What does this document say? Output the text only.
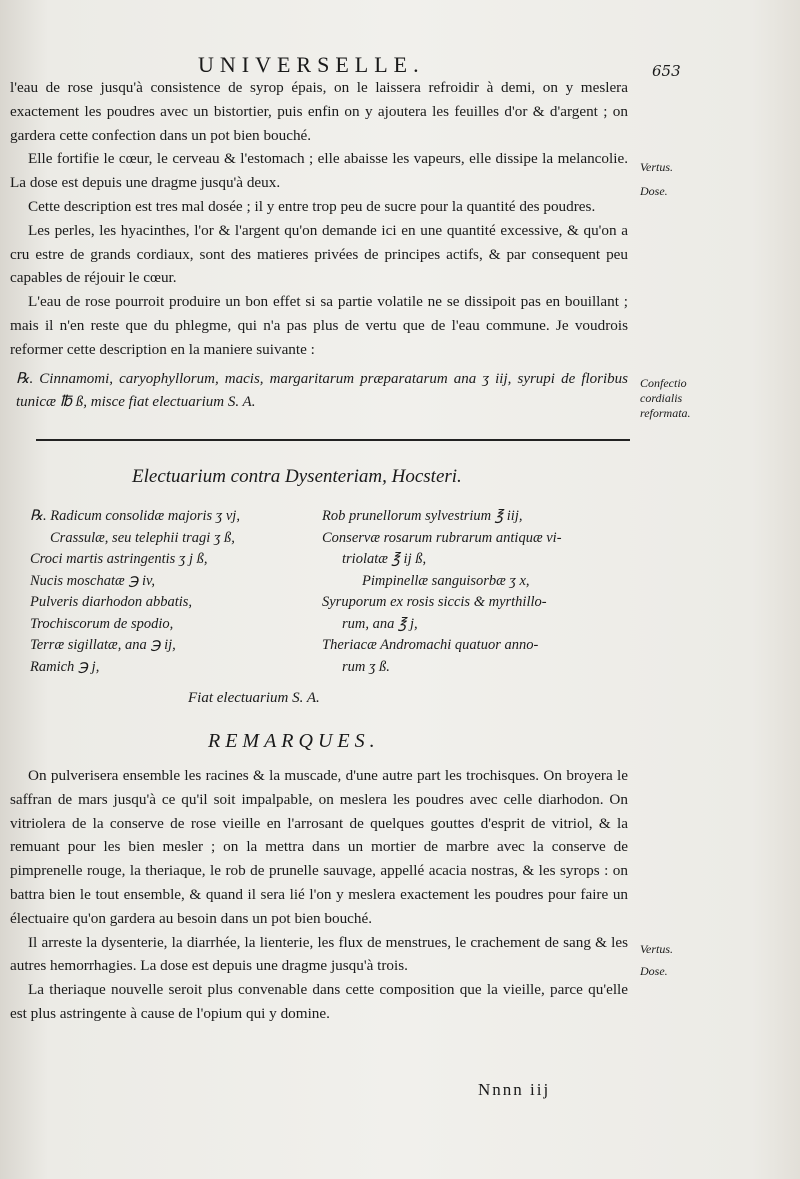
UNIVERSELLE.	653
l'eau de rose jusqu'à consistence de syrop épais, on le laissera refroidir à demi, on y meslera exactement les poudres avec un bistortier, puis enfin on y ajoutera les feuilles d'or & d'argent ; on gardera cette confection dans un pot bien bouché.
Elle fortifie le cœur, le cerveau & l'estomach ; elle abaisse les vapeurs, elle dissipe la melancolie. La dose est depuis une dragme jusqu'à deux.
Cette description est tres mal dosée ; il y entre trop peu de sucre pour la quantité des poudres.
Les perles, les hyacinthes, l'or & l'argent qu'on demande ici en une quantité excessive, & qu'on a cru estre de grands cordiaux, sont des matieres privées de principes actifs, & par consequent peu capables de réjouir le cœur.
L'eau de rose pourroit produire un bon effet si sa partie volatile ne se dissipoit pas en bouillant ; mais il n'en reste que du phlegme, qui n'a pas plus de vertu que de l'eau commune. Je voudrois reformer cette description en la maniere suivante :
Vertus.
Dose.
Confectio cordialis reformata.
℞. Cinnamomi, caryophyllorum, macis, margaritarum præparatarum ana ʒ iij, syrupi de floribus tunicæ ℔ ß, misce fiat electuarium S. A.
Electuarium contra Dysenteriam, Hocsteri.
℞. Radicum consolidæ majoris ʒ vj,
Crassulæ, seu telephii tragi ʒ ß,
Croci martis astringentis ʒ j ß,
Nucis moschatæ ℈ iv,
Pulveris diarhodon abbatis,
Trochiscorum de spodio,
Terræ sigillatæ, ana ℈ ij,
Ramich ℈ j,
Rob prunellorum sylvestrium ℥ iij,
Conservæ rosarum rubrarum antiquæ vi-
triolatæ ℥ ij ß,
Pimpinellæ sanguisorbæ ʒ x,
Syruporum ex rosis siccis & myrthillo-
rum, ana ℥ j,
Theriacæ Andromachi quatuor anno-
rum ʒ ß.
Fiat electuarium S. A.
REMARQUES.
On pulverisera ensemble les racines & la muscade, d'une autre part les trochisques. On broyera le saffran de mars jusqu'à ce qu'il soit impalpable, on meslera les poudres avec celle diarhodon. On vitriolera de la conserve de rose vieille en l'arrosant de quelques gouttes d'esprit de vitriol, & la remuant pour les bien mesler ; on la mettra dans un mortier de marbre avec la conserve de pimprenelle rouge, la theriaque, le rob de prunelle sauvage, appellé acacia nostras, & les syrops : on battra bien le tout ensemble, & quand il sera lié l'on y meslera exactement les poudres pour faire un électuaire qu'on gardera au besoin dans un pot bien bouché.
Il arreste la dysenterie, la diarrhée, la lienterie, les flux de menstrues, le crachement de sang & les autres hemorrhagies. La dose est depuis une dragme jusqu'à trois.
La theriaque nouvelle seroit plus convenable dans cette composition que la vieille, parce qu'elle est plus astringente à cause de l'opium qui y domine.
Vertus.
Dose.
Nnnn iij
